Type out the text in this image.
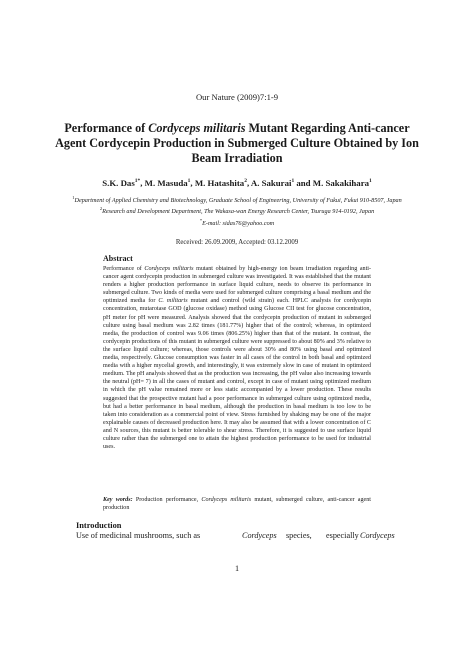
Our Nature (2009)7:1-9
Performance of Cordyceps militaris Mutant Regarding Anti-cancer Agent Cordycepin Production in Submerged Culture Obtained by Ion Beam Irradiation
S.K. Das$^{1*}$, M. Masuda$^1$, M. Hatashita$^2$, A. Sakurai$^1$ and M. Sakakihara$^1$
$^1$Department of Applied Chemistry and Biotechnology, Graduate School of Engineering, University of Fukui, Fukui 910-8507, Japan
$^2$Research and Development Department, The Wakasa-wan Energy Research Center, Tsuruga 914-0192, Japan
*E-mail: sidas76@yahoo.com
Received: 26.09.2009, Accepted: 03.12.2009
Abstract
Performance of Cordyceps militaris mutant obtained by high-energy ion beam irradiation regarding anti-cancer agent cordycepin production in submerged culture was investigated. It was established that the mutant renders a higher production performance in surface liquid culture, needs to observe its performance in submerged culture. Two kinds of media were used for submerged culture comprising a basal medium and the optimized media for C. militaris mutant and control (wild strain) each. HPLC analysis for cordycepin concentration, mutarotase GOD (glucose oxidase) method using Glucose CII test for glucose concentration, pH meter for pH were measured. Analysis showed that the cordycepin production of mutant in submerged culture using basal medium was 2.82 times (181.77%) higher that of the control; whereas, in optimized media, the production of control was 9.06 times (806.25%) higher than that of the mutant. In contrast, the cordycepin productions of this mutant in submerged culture were suppressed to about 80% and 3% relative to the surface liquid culture; whereas, those controls were about 30% and 80% using basal and optimized media, respectively. Glucose consumption was faster in all cases of the control in both basal and optimized media with a higher mycelial growth, and interestingly, it was extremely slow in case of mutant in optimized medium. The pH analysis showed that as the production was increasing, the pH value also increasing towards the neutral (pH= 7) in all the cases of mutant and control, except in case of mutant using optimized medium in which the pH value remained more or less static accompanied by a lower production. These results suggested that the prospective mutant had a poor performance in submerged culture using optimized media, but had a better performance in basal medium, although the production in basal medium is too low to be taken into consideration as a commercial point of view. Stress furnished by shaking may be one of the major explainable causes of decreased production here. It may also be assumed that with a lower concentration of C and N sources, this mutant is better tolerable to shear stress. Therefore, it is suggested to use surface liquid culture rather than the submerged one to attain the highest production performance to be used for industrial uses.
Key words: Production performance, Cordyceps militaris mutant, submerged culture, anti-cancer agent production
Introduction
Use of medicinal mushrooms, such as	Cordyceps species, especially Cordyceps
1
